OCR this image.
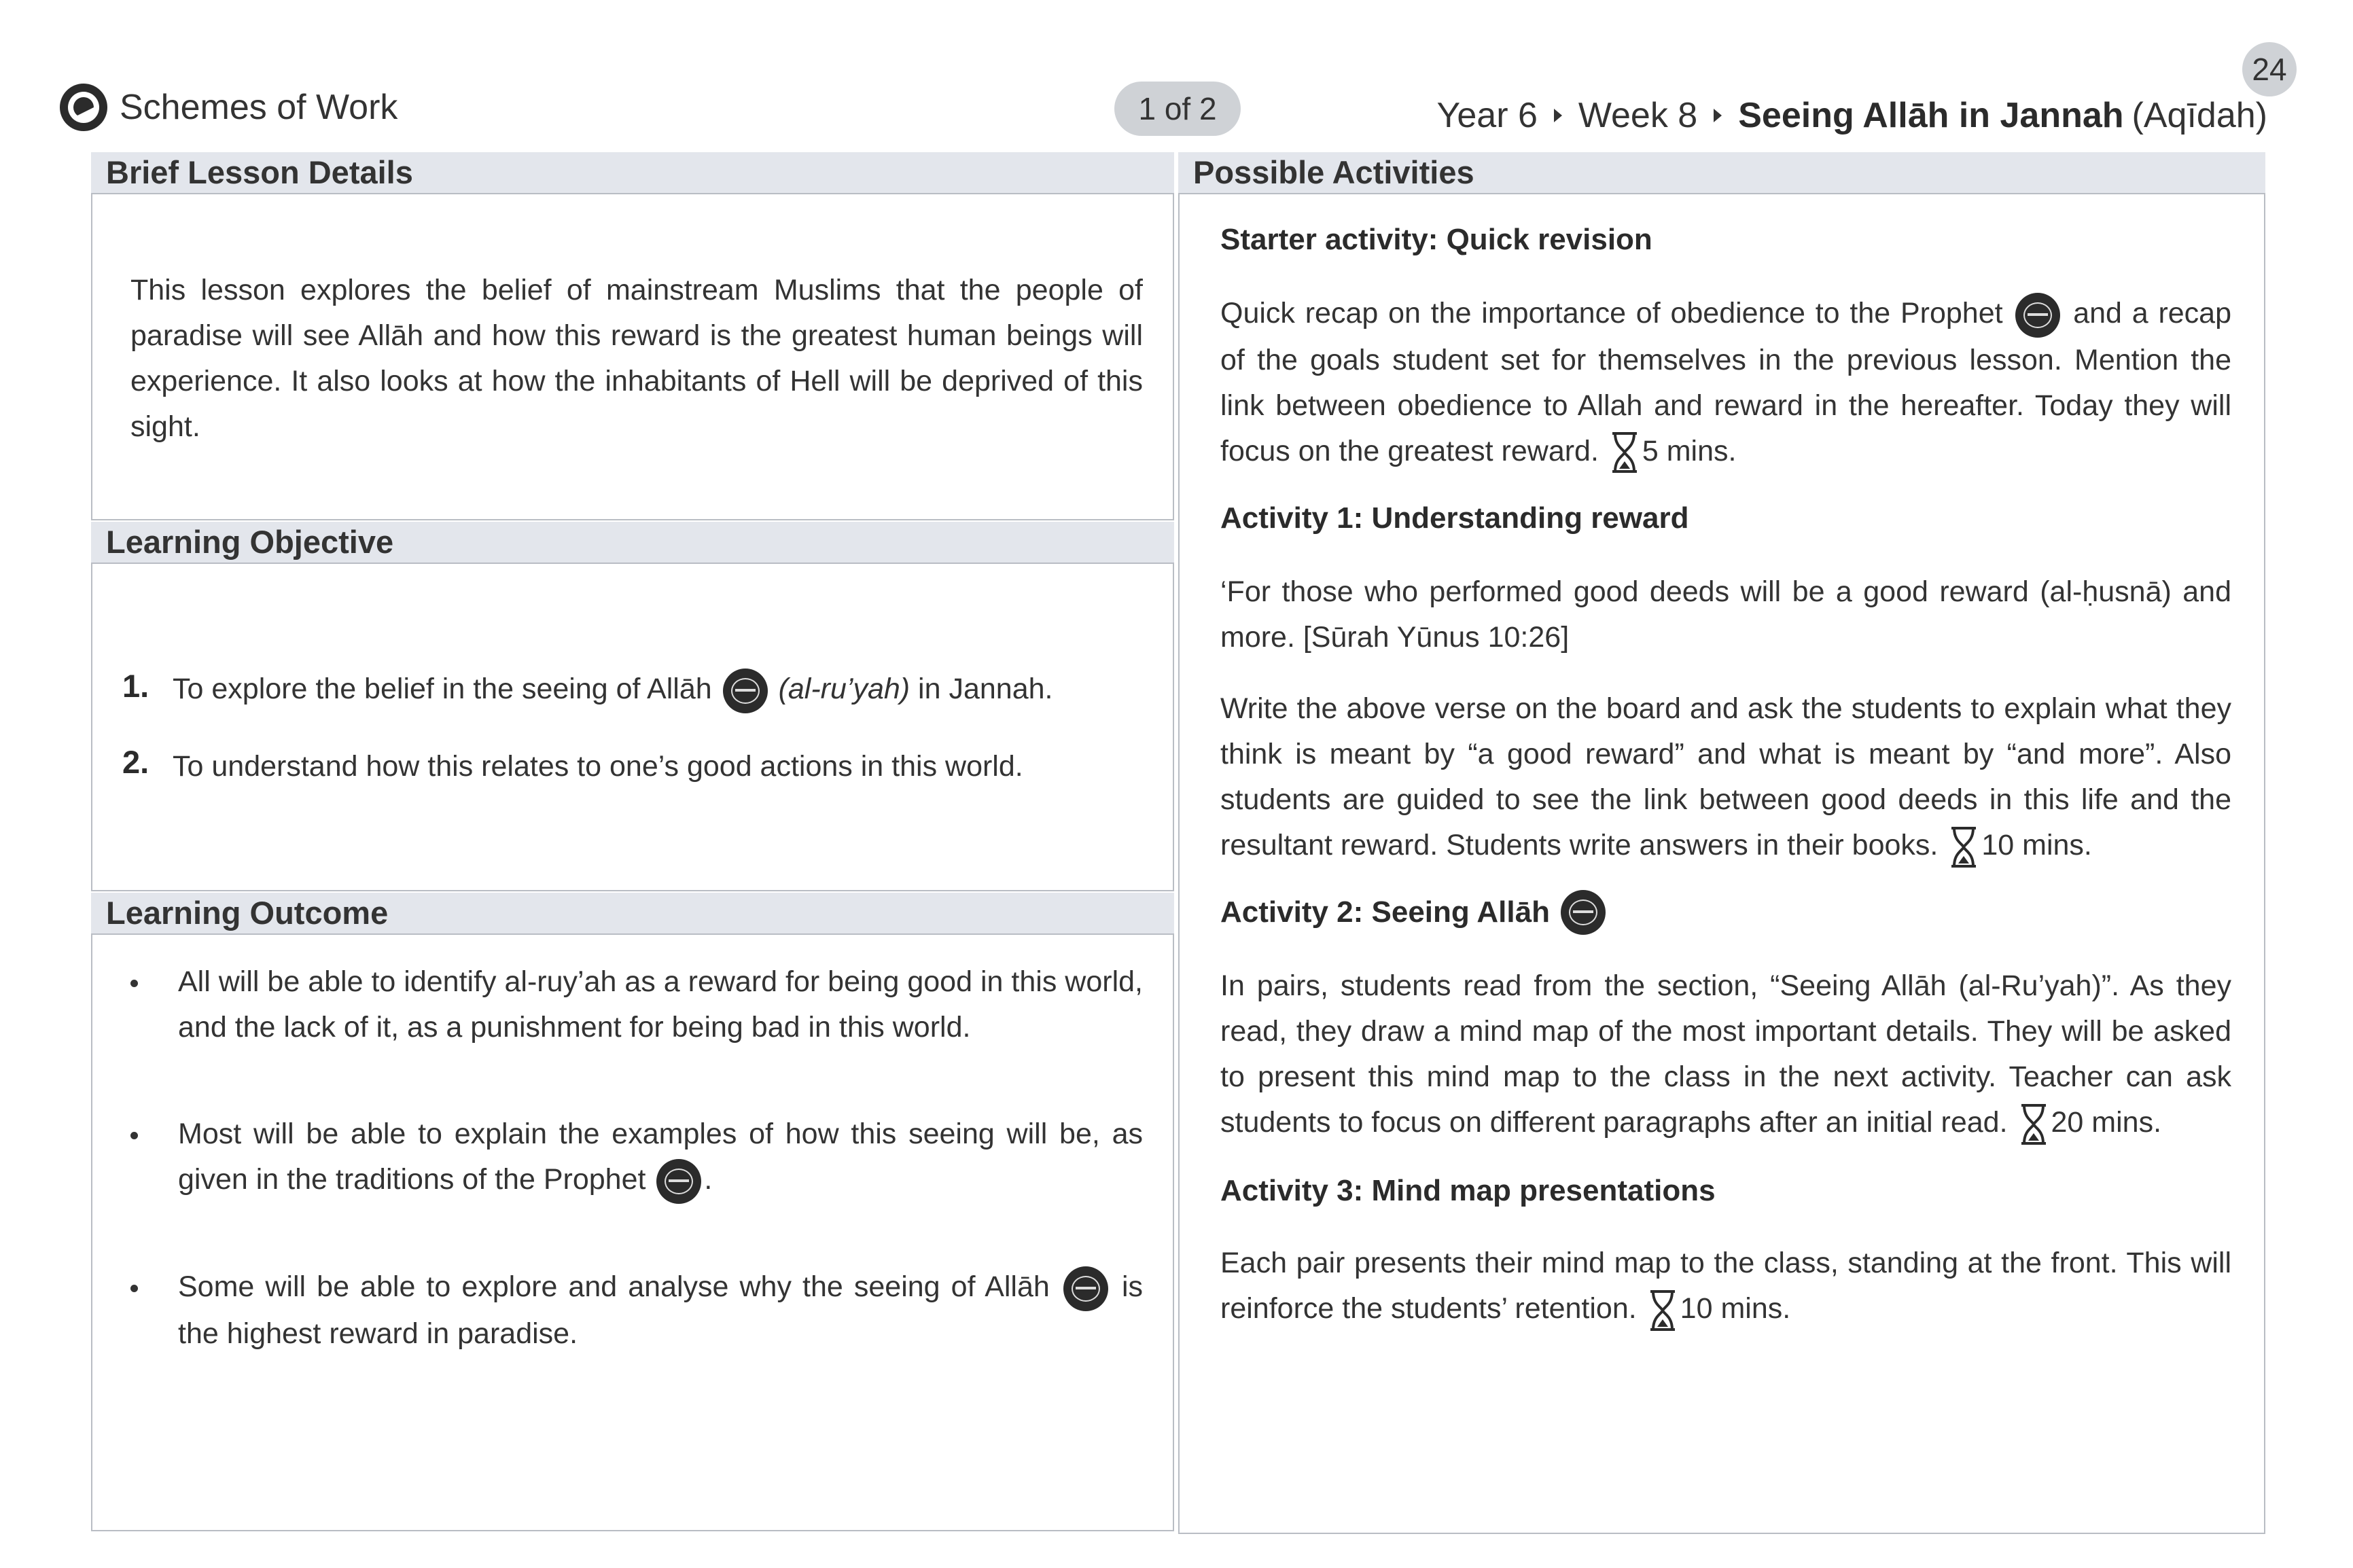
Schemes of Work	1 of 2
24
Year 6 Week 8 Seeing Allāh in Jannah (Aqīdah)
Brief Lesson Details
This lesson explores the belief of mainstream Muslims that the people of paradise will see Allāh and how this reward is the greatest human beings will experience. It also looks at how the inhabitants of Hell will be deprived of this sight.
Learning Objective
1. To explore the belief in the seeing of Allāh (al-ru’yah) in Jannah.
2. To understand how this relates to one’s good actions in this world.
Learning Outcome
All will be able to identify al-ruy’ah as a reward for being good in this world, and the lack of it, as a punishment for being bad in this world.
Most will be able to explain the examples of how this seeing will be, as given in the traditions of the Prophet .
Some will be able to explore and analyse why the seeing of Allāh  is the highest reward in paradise.
Possible Activities
Starter activity: Quick revision
Quick recap on the importance of obedience to the Prophet  and a recap of the goals student set for themselves in the previous lesson. Mention the link between obedience to Allah and reward in the hereafter. Today they will focus on the greatest reward. 5 mins.
Activity 1: Understanding reward
‘For those who performed good deeds will be a good reward (al-ḥusnā) and more. [Sūrah Yūnus 10:26]
Write the above verse on the board and ask the students to explain what they think is meant by “a good reward” and what is meant by “and more”. Also students are guided to see the link between good deeds in this life and the resultant reward. Students write answers in their books. 10 mins.
Activity 2: Seeing Allāh
In pairs, students read from the section, “Seeing Allāh (al-Ru’yah)”. As they read, they draw a mind map of the most important details. They will be asked to present this mind map to the class in the next activity. Teacher can ask students to focus on different paragraphs after an initial read. 20 mins.
Activity 3: Mind map presentations
Each pair presents their mind map to the class, standing at the front. This will reinforce the students’ retention. 10 mins.
